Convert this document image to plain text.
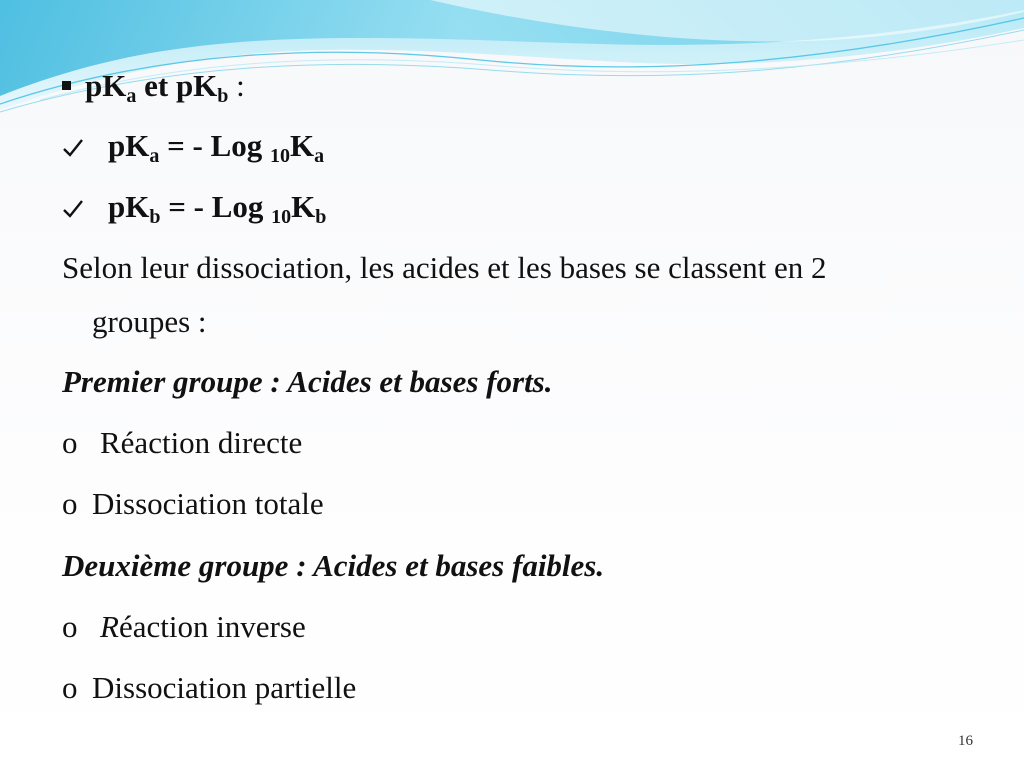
$pK_a$ et $pK_b$ :
$pK_a$ = - Log $_{10}K_a$
$pK_b$ = - Log $_{10}K_b$
Selon leur dissociation, les acides et les bases se classent en 2
groupes :
Premier groupe : Acides et bases forts.
o Réaction directe
o Dissociation totale
Deuxième groupe : Acides et bases faibles.
o Réaction inverse
o Dissociation partielle
16
